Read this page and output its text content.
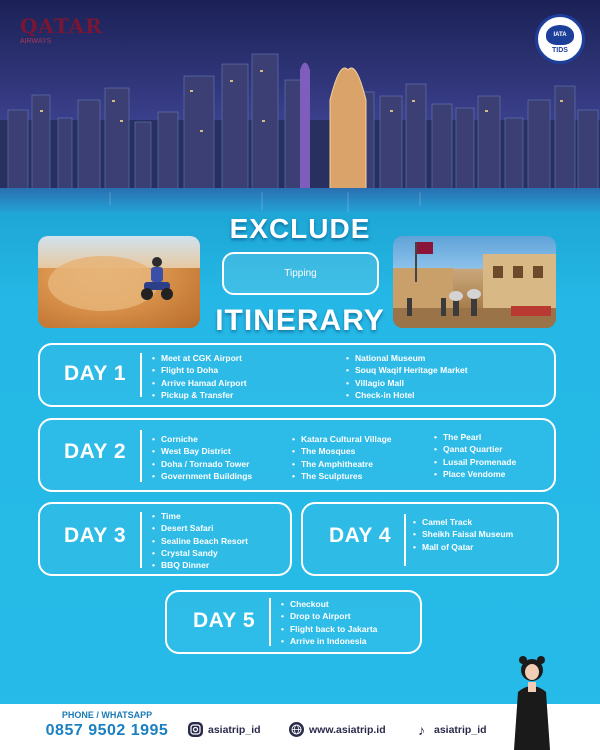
QATAR
AIRWAYS
IATA
TIDS
EXCLUDE
Tipping
ITINERARY
DAY 1
• Meet at CGK Airport
• Flight to Doha
• Arrive Hamad Airport
• Pickup & Transfer
• National Museum
• Souq Waqif Heritage Market
• Villagio Mall
• Check-in Hotel
DAY 2
• Corniche
• West Bay District
• Doha / Tornado Tower
• Government Buildings
• Katara Cultural Village
• The Mosques
• The Amphitheatre
• The Sculptures
• The Pearl
• Qanat Quartier
• Lusail Promenade
• Place Vendome
DAY 3
• Time
• Desert Safari
• Sealine Beach Resort
• Crystal Sandy
• BBQ Dinner
DAY 4
• Camel Track
• Sheikh Faisal Museum
• Mall of Qatar
DAY 5
• Checkout
• Drop to Airport
• Flight back to Jakarta
• Arrive in Indonesia
PHONE / WHATSAPP
0857 9502 1995	asiatrip_id	www.asiatrip.id ♪ asiatrip_id
